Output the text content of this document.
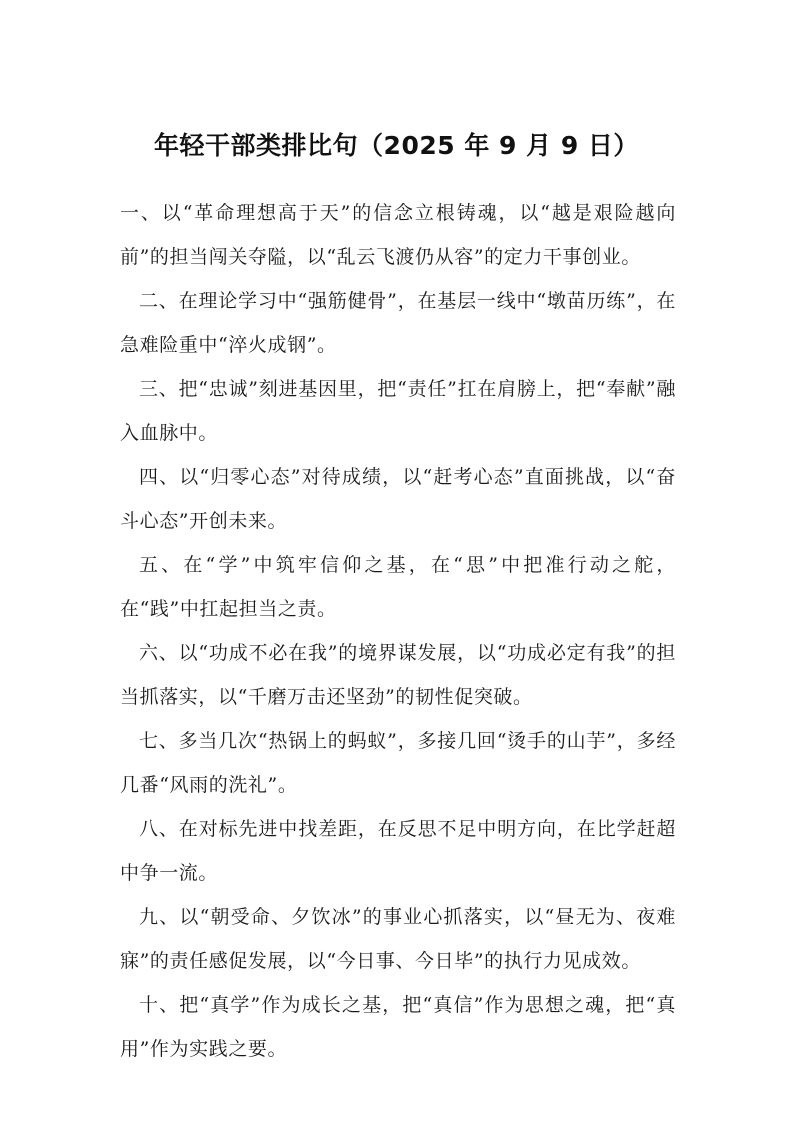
年轻干部类排比句（2025 年 9 月 9 日）

一、以“革命理想高于天”的信念立根铸魂，以“越是艰险越向前”的担当闯关夺隘，以“乱云飞渡仍从容”的定力干事创业。

二、在理论学习中“强筋健骨”，在基层一线中“墩苗历练”，在急难险重中“淬火成钢”。

三、把“忠诚”刻进基因里，把“责任”扛在肩膀上，把“奉献”融入血脉中。

四、以“归零心态”对待成绩，以“赶考心态”直面挑战，以“奋斗心态”开创未来。

五、在“学”中筑牢信仰之基，在“思”中把准行动之舵，在“践”中扛起担当之责。

六、以“功成不必在我”的境界谋发展，以“功成必定有我”的担当抓落实，以“千磨万击还坚劲”的韧性促突破。

七、多当几次“热锅上的蚂蚁”，多接几回“烫手的山芋”，多经几番“风雨的洗礼”。

八、在对标先进中找差距，在反思不足中明方向，在比学赶超中争一流。

九、以“朝受命、夕饮冰”的事业心抓落实，以“昼无为、夜难寐”的责任感促发展，以“今日事、今日毕”的执行力见成效。

十、把“真学”作为成长之基，把“真信”作为思想之魂，把“真用”作为实践之要。
